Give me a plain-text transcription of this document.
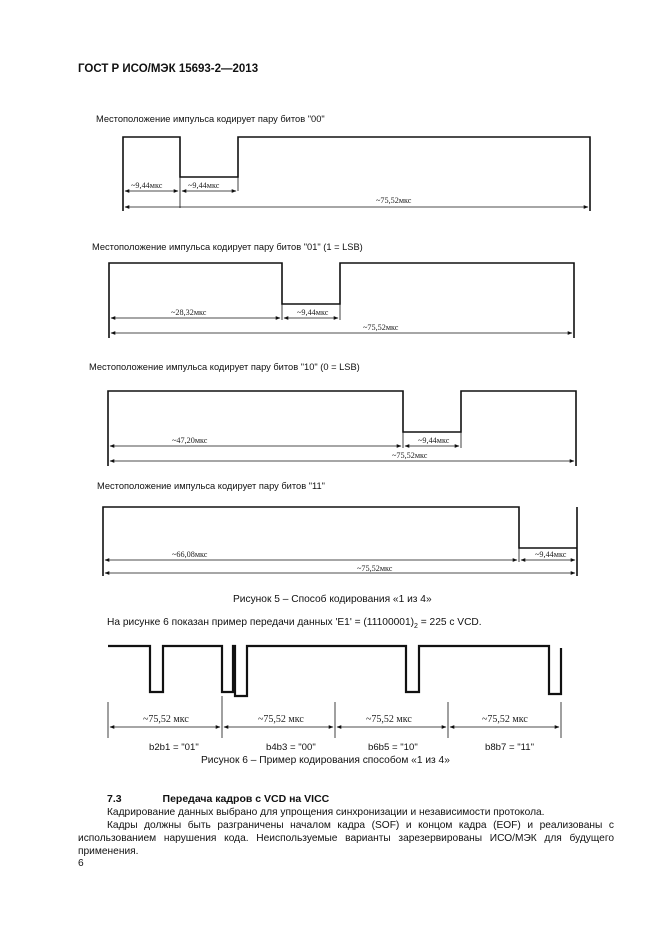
ГОСТ Р ИСО/МЭК 15693-2—2013
Местоположение импульса кодирует пару битов "00"
Местоположение импульса кодирует пару битов "01" (1 = LSB)
Местоположение импульса кодирует пару битов "10" (0 = LSB)
Местоположение импульса кодирует пару битов "11"
~9,44мкс	~9,44мкс
~75,52мкс
~28,32мкс	~9,44мкс
~75,52мкс
~47,20мкс	~9,44мкс
~75,52мкс
~66,08мкс	~9,44мкс
~75,52мкс
Рисунок 5 – Способ кодирования «1 из 4»
На рисунке 6 показан пример передачи данных '$E1' = (11100001)_2 = 225$ с VCD.
~75,52 мкс	~75,52 мкс	~75,52 мкс	~75,52 мкс
b2b1 = "01"	b4b3 = "00"	b6b5 = "10"	b8b7 = "11"
Рисунок 6 – Пример кодирования способом «1 из 4»
7.3	Передача кадров с VCD на VICC
Кадрирование данных выбрано для упрощения синхронизации и независимости протокола.
Кадры должны быть разграничены началом кадра (SOF) и концом кадра (EOF) и реализованы с использованием нарушения кода. Неиспользуемые варианты зарезервированы ИСО/МЭК для будущего применения.
6
